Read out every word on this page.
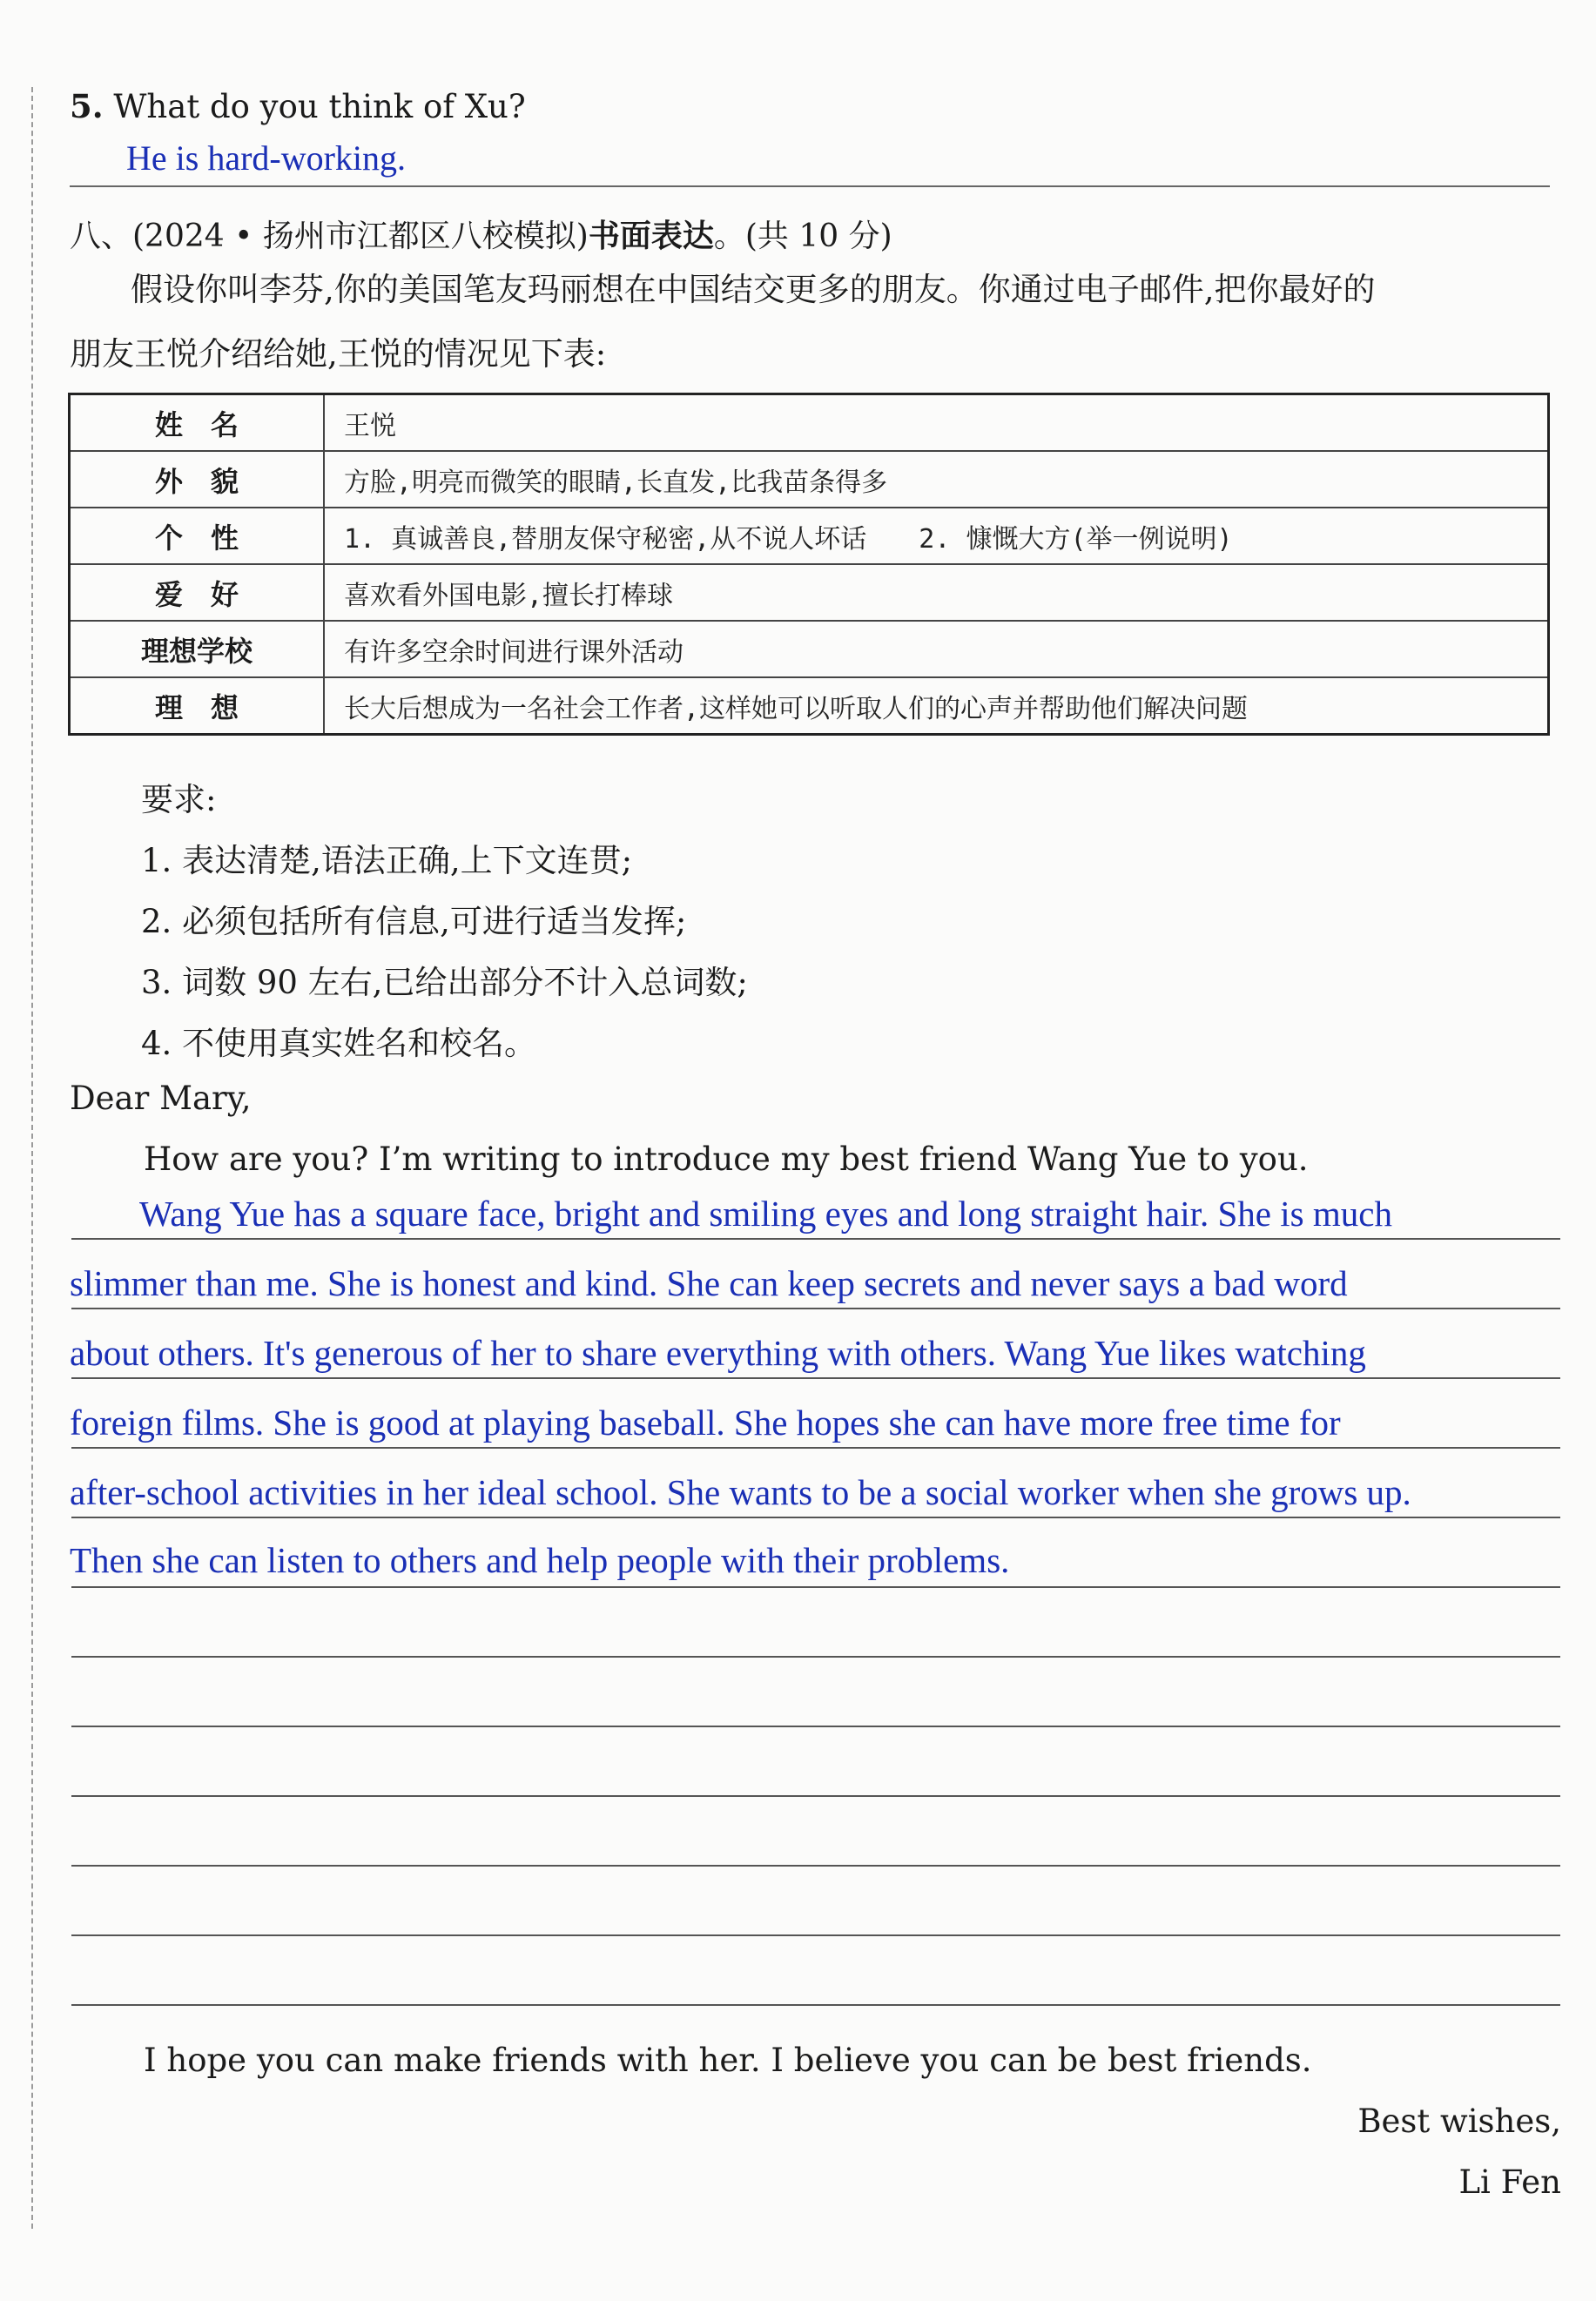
5. What do you think of Xu?
He is hard-working.
八、(2024 • 扬州市江都区八校模拟)书面表达。(共 10 分)
假设你叫李芬,你的美国笔友玛丽想在中国结交更多的朋友。你通过电子邮件,把你最好的
朋友王悦介绍给她,王悦的情况见下表:
姓　名	王悦
外　貌	方脸,明亮而微笑的眼睛,长直发,比我苗条得多
个　性	1. 真诚善良,替朋友保守秘密,从不说人坏话　　2. 慷慨大方(举一例说明)
爱　好	喜欢看外国电影,擅长打棒球
理想学校	有许多空余时间进行课外活动
理　想	长大后想成为一名社会工作者,这样她可以听取人们的心声并帮助他们解决问题
要求:
1. 表达清楚,语法正确,上下文连贯;
2. 必须包括所有信息,可进行适当发挥;
3. 词数 90 左右,已给出部分不计入总词数;
4. 不使用真实姓名和校名。
Dear Mary,
How are you? I’m writing to introduce my best friend Wang Yue to you.
Wang Yue has a square face, bright and smiling eyes and long straight hair. She is much
slimmer than me. She is honest and kind. She can keep secrets and never says a bad word
about others. It's generous of her to share everything with others. Wang Yue likes watching
foreign films. She is good at playing baseball. She hopes she can have more free time for
after-school activities in her ideal school. She wants to be a social worker when she grows up.
Then she can listen to others and help people with their problems.
I hope you can make friends with her. I believe you can be best friends.
Best wishes,
Li Fen
